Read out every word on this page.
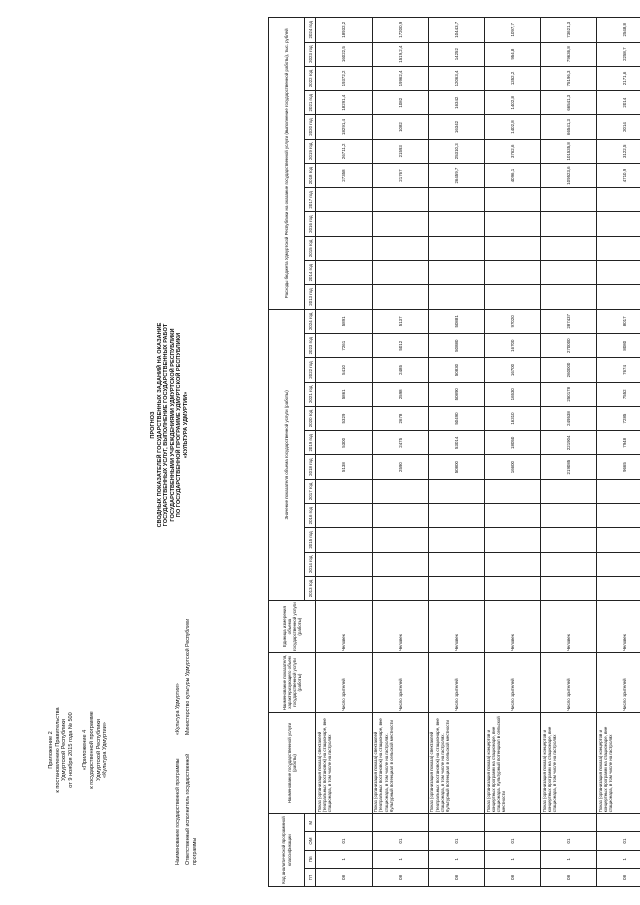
Приложение 2 к постановлению Правительства Удмуртской Республики от 9 ноября 2015 года № 500 «Приложение 4 к государственной программе Удмуртской Республики «Культура Удмуртии»
ПРОГНОЗ СВОДНЫХ ПОКАЗАТЕЛЕЙ ГОСУДАРСТВЕННЫХ ЗАДАНИЙ НА ОКАЗАНИЕ ГОСУДАРСТВЕННЫХ УСЛУГ, ВЫПОЛНЕНИЕ ГОСУДАРСТВЕННЫХ РАБОТ ГОСУДАРСТВЕННЫМИ УЧРЕЖДЕНИЯМИ УДМУРТСКОЙ РЕСПУБЛИКИ ПО ГОСУДАРСТВЕННОЙ ПРОГРАММЕ УДМУРТСКОЙ РЕСПУБЛИКИ «КУЛЬТУРА УДМУРТИИ»
Наименование государственной программы
«Культура Удмуртии»
Ответственный исполнитель государственной программы
Министерство культуры Удмуртской Республики
Код аналитической программной классификации				Наименование государственной услуги (работы)	Наименование показателя, характеризующего объем государственной услуги (работы)	Единица измерения объема государственной услуги (работы)	Значение показателя объема государственной услуги (работы)												Расходы бюджета Удмуртской Республики на оказание государственной услуги (выполнение государственной работы), тыс. рублей											
ГП	Пп	ОМ	М				2013 год	2014 год	2015 год	2016 год	2017 год	2018 год	2019 год	2020 год	2021 год	2022 год	2023 год	2024 год	2013 год	2014 год	2015 год	2016 год	2017 год	2018 год	2019 год	2020 год	2021 год	2022 год	2023 год	2024 год
08	1	01		Показ (организация показа) спектаклей (театральных постановок) на стационаре, вне стационара, в том числе на гастролях	Число зрителей	Человек						5138	5300	5329	5861	5410	7261	5891						27358	26711,2	18291,4	18291,4	19372,2	16022,5	18932,2
08	1	01		Показ (организация показа) спектаклей (театральных постановок) на стационаре, вне стационара, в том числе на гастролях. Культурный потенциал в сельской местности	Число зрителей	Человек						2590	2475	2678	2598	2485	5012	5137						21767	21593	1082	1082	19962,4	1519,2,4	17200,9
08	1	01		Показ (организация показа) спектаклей (театральных постановок) на стационаре, вне стационара, в том числе на гастролях. Культурный потенциал в сельской местности	Число зрителей	Человек						50800	53014	50490	50890	50830	50880	50881						26459,7	25310,3	16342	16342	12063,4	14252	10443,7
08	1	01		Показ (организация показа) концертов и концертных программ на стационаре, вне стационара. Культурный потенциал в сельской местности	Число зрителей	Человек						16600	18050	16310	16530	16700	16700	97020						4096,1	3762,6	1402,8	1402,8	1352,2	954,8	1097,7
08	1	01		Показ (организация показа) концертов и концертных программ на стационаре, вне стационара, в том числе на гастролях	Число зрителей	Человек						219085	221904	249538	250178	260000	270000	287437						109523,6	101535,8	66541,3	66541,3	75196,3	79636,8	73621,3
08	1	01		Показ (организация показа) концертов и концертных программ на стационаре, вне стационара, в том числе на гастролях	Число зрителей	Человек						9665	7948	7285	7552	7674	8080	8017						4710,9	3122,5	2014	2014	2171,6	2258,7	2548,8
